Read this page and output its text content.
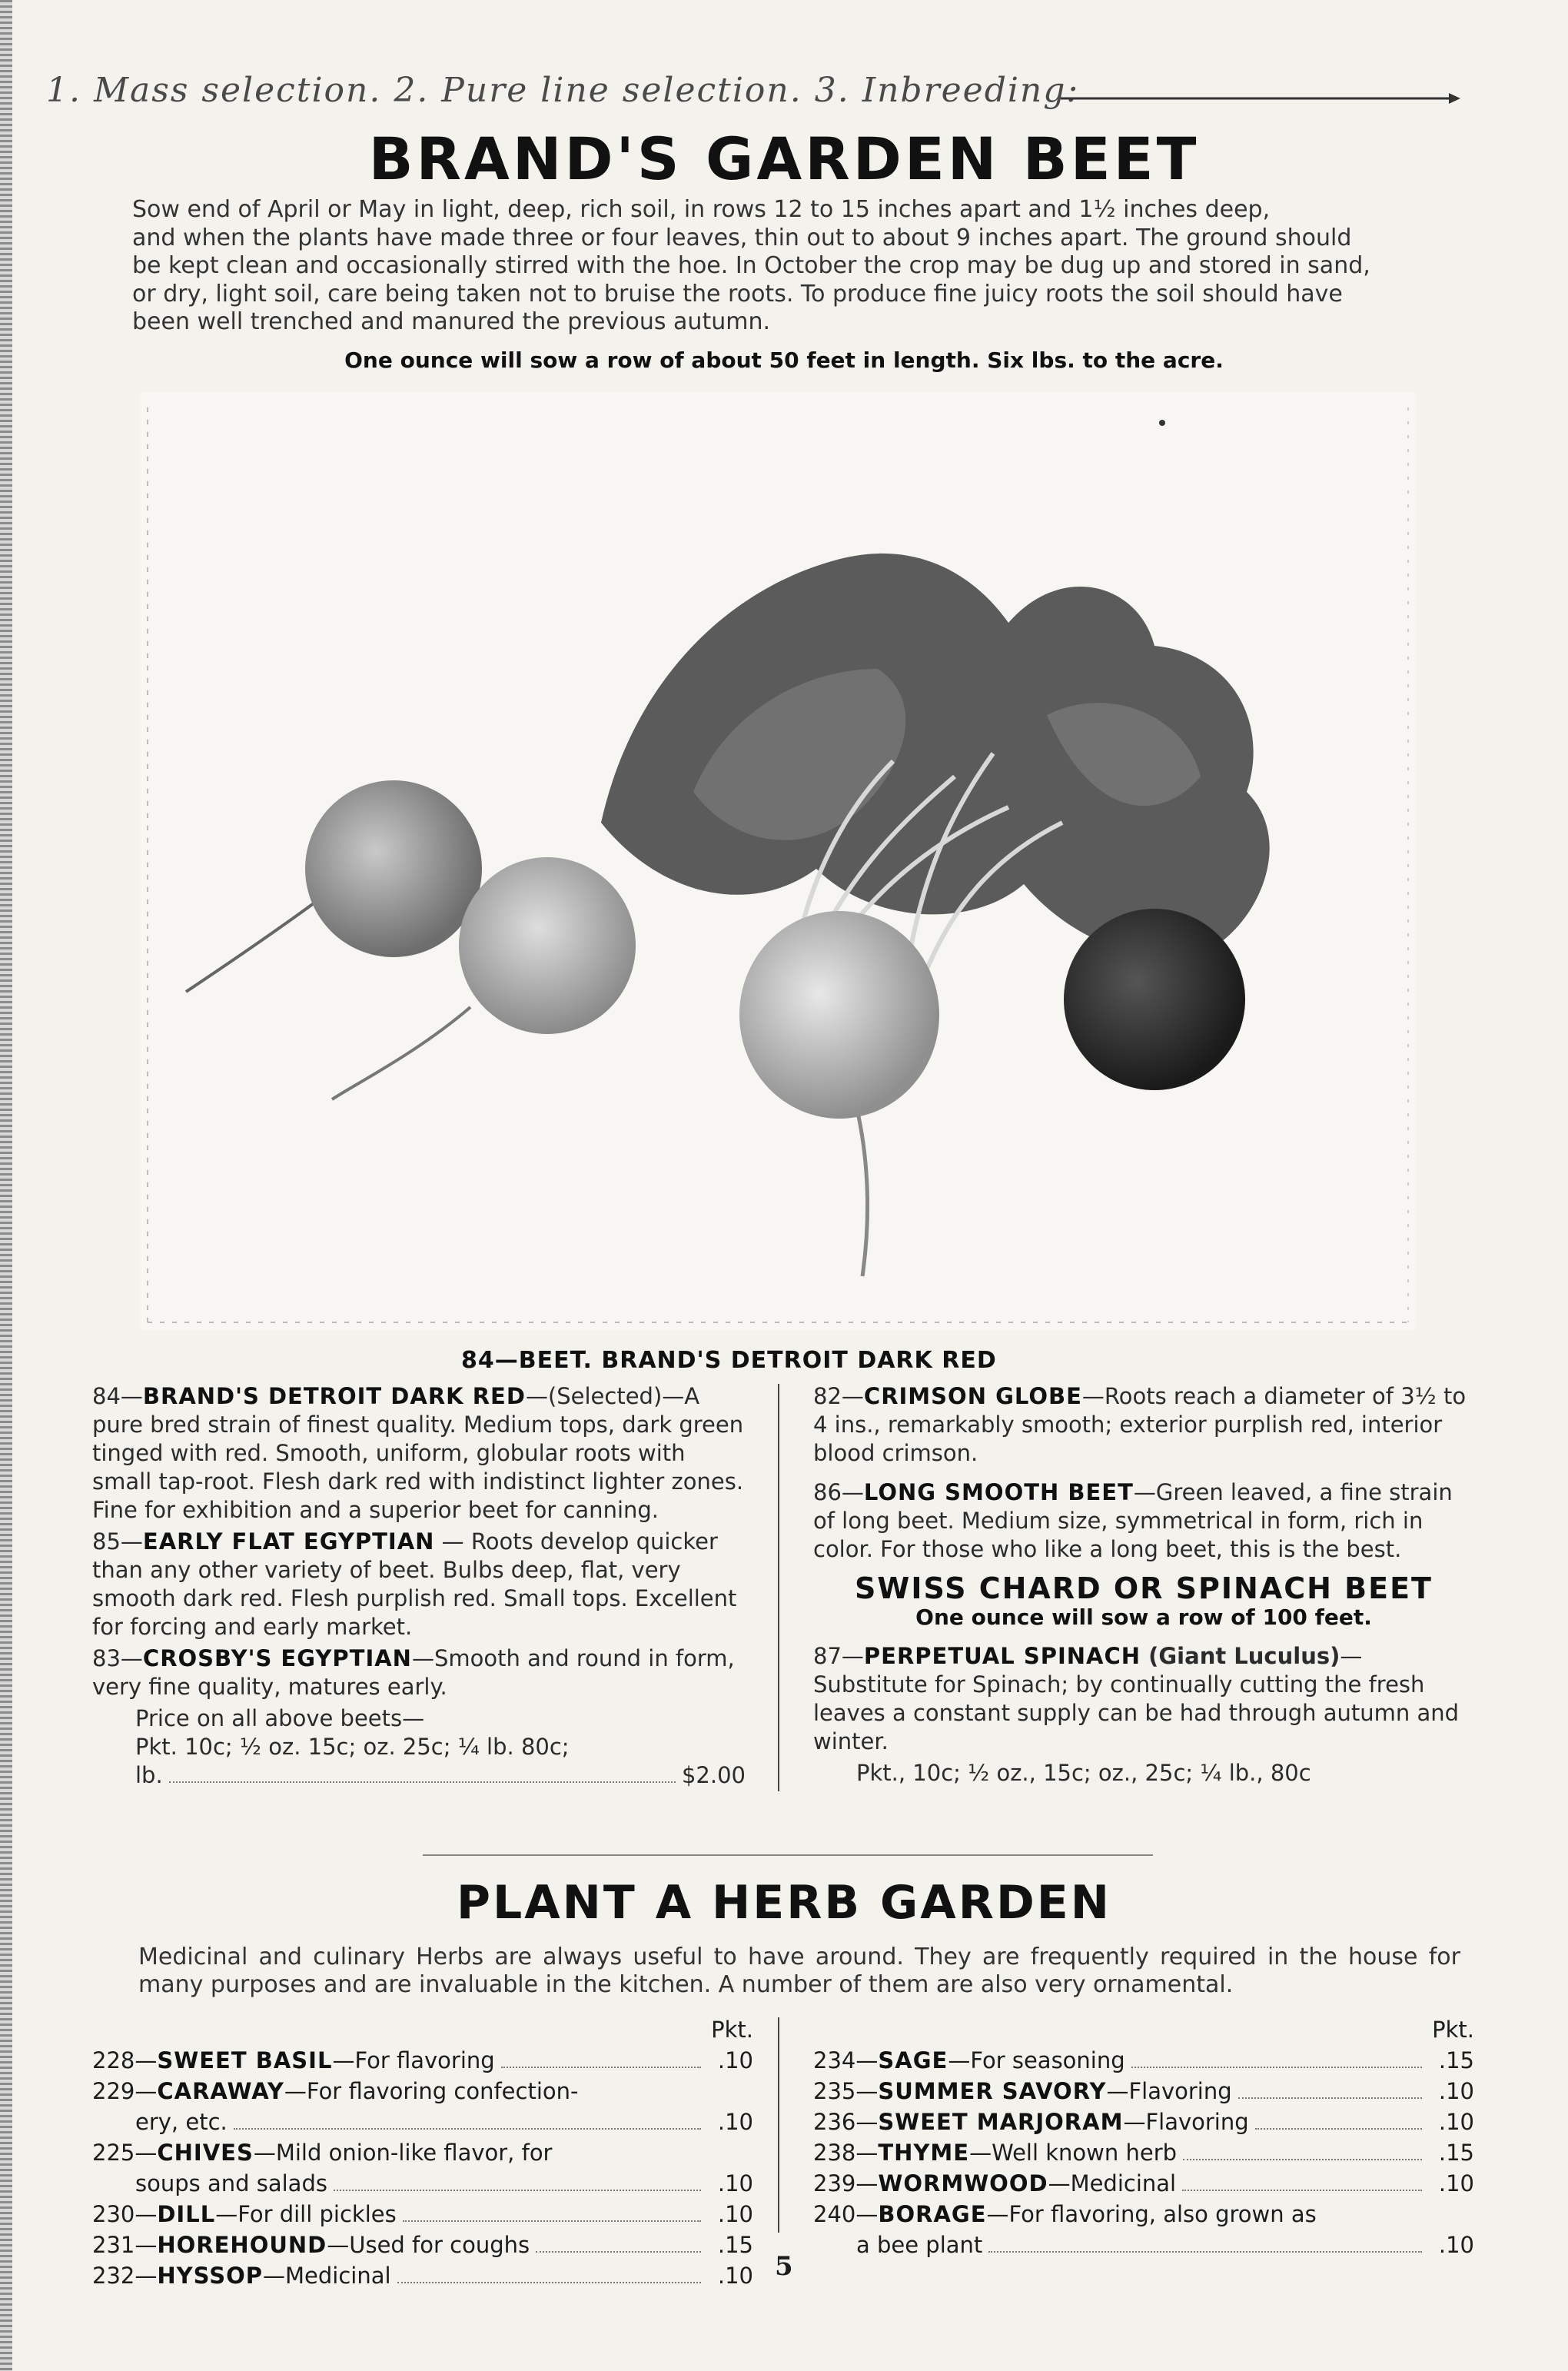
1. Mass selection. 2. Pure line selection. 3. Inbreeding:
BRAND'S GARDEN BEET

Sow end of April or May in light, deep, rich soil, in rows 12 to 15 inches apart and 1½ inches deep,

and when the plants have made three or four leaves, thin out to about 9 inches apart. The ground should

be kept clean and occasionally stirred with the hoe. In October the crop may be dug up and stored in sand,

or dry, light soil, care being taken not to bruise the roots. To produce fine juicy roots the soil should have

been well trenched and manured the previous autumn.

One ounce will sow a row of about 50 feet in length. Six lbs. to the acre.
84—BEET. BRAND'S DETROIT DARK RED

84—BRAND'S DETROIT DARK RED—(Selected)—A pure bred strain of finest quality. Medium tops, dark green tinged with red. Smooth, uniform, globular roots with small tap-root. Flesh dark red with indistinct lighter zones. Fine for exhibition and a superior beet for canning.

85—EARLY FLAT EGYPTIAN — Roots develop quicker than any other variety of beet. Bulbs deep, flat, very smooth dark red. Flesh purplish red. Small tops. Excellent for forcing and early market.

83—CROSBY'S EGYPTIAN—Smooth and round in form, very fine quality, matures early.

Price on all above beets—
Pkt. 10c; ½ oz. 15c; oz. 25c; ¼ lb. 80c;
lb.	$2.00

82—CRIMSON GLOBE—Roots reach a diameter of 3½ to 4 ins., remarkably smooth; exterior purplish red, interior blood crimson.

86—LONG SMOOTH BEET—Green leaved, a fine strain of long beet. Medium size, symmetrical in form, rich in color. For those who like a long beet, this is the best.

SWISS CHARD OR SPINACH BEET
One ounce will sow a row of 100 feet.

87—PERPETUAL SPINACH (Giant Luculus)—Substitute for Spinach; by continually cutting the fresh leaves a constant supply can be had through autumn and winter.

Pkt., 10c; ½ oz., 15c; oz., 25c; ¼ lb., 80c
PLANT A HERB GARDEN
Medicinal and culinary Herbs are always useful to have around. They are frequently required in the house for many purposes and are invaluable in the kitchen. A number of them are also very ornamental.
Pkt.
228—SWEET BASIL—For flavoring	.10
229—CARAWAY—For flavoring confection-
ery, etc.	.10
225—CHIVES—Mild onion-like flavor, for
soups and salads	.10
230—DILL—For dill pickles	.10
231—HOREHOUND—Used for coughs	.15
232—HYSSOP—Medicinal	.10
Pkt.
234—SAGE—For seasoning	.15
235—SUMMER SAVORY—Flavoring	.10
236—SWEET MARJORAM—Flavoring	.10
238—THYME—Well known herb	.15
239—WORMWOOD—Medicinal	.10
240—BORAGE—For flavoring, also grown as
a bee plant	.10
5
